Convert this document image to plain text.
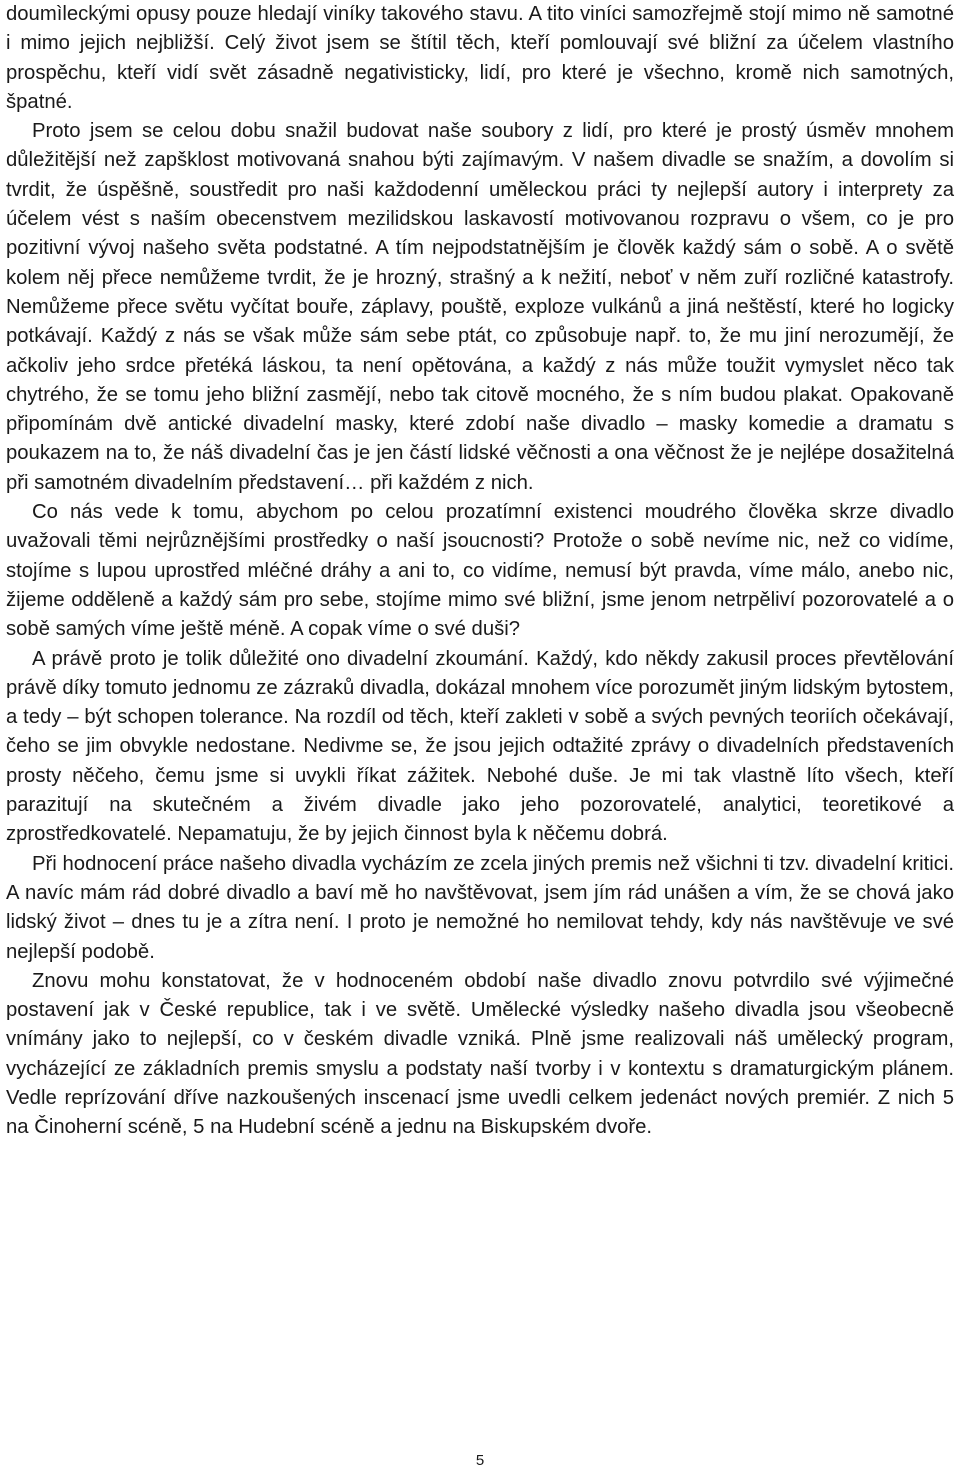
doumìleckými opusy pouze hledají viníky takového stavu. A tito viníci samozřejmě stojí mimo ně samotné i mimo jejich nejbližší. Celý život jsem se štítil těch, kteří pomlouvají své bližní za účelem vlastního prospěchu, kteří vidí svět zásadně negativisticky, lidí, pro které je všechno, kromě nich samotných, špatné.

Proto jsem se celou dobu snažil budovat naše soubory z lidí, pro které je prostý úsměv mnohem důležitější než zapšklost motivovaná snahou býti zajímavým. V našem divadle se snažím, a dovolím si tvrdit, že úspěšně, soustředit pro naši každodenní uměleckou práci ty nejlepší autory i interprety za účelem vést s naším obecenstvem mezilidskou laskavostí motivovanou rozpravu o všem, co je pro pozitivní vývoj našeho světa podstatné. A tím nejpodstatnějším je člověk každý sám o sobě. A o světě kolem něj přece nemůžeme tvrdit, že je hrozný, strašný a k nežití, neboť v něm zuří rozličné katastrofy. Nemůžeme přece světu vyčítat bouře, záplavy, pouště, exploze vulkánů a jiná neštěstí, které ho logicky potkávají. Každý z nás se však může sám sebe ptát, co způsobuje např. to, že mu jiní nerozumějí, že ačkoliv jeho srdce přetéká láskou, ta není opětována, a každý z nás může toužit vymyslet něco tak chytrého, že se tomu jeho bližní zasmějí, nebo tak citově mocného, že s ním budou plakat. Opakovaně připomínám dvě antické divadelní masky, které zdobí naše divadlo – masky komedie a dramatu s poukazem na to, že náš divadelní čas je jen částí lidské věčnosti a ona věčnost že je nejlépe dosažitelná při samotném divadelním představení… při každém z nich.

Co nás vede k tomu, abychom po celou prozatímní existenci moudrého člověka skrze divadlo uvažovali těmi nejrůznějšími prostředky o naší jsoucnosti? Protože o sobě nevíme nic, než co vidíme, stojíme s lupou uprostřed mléčné dráhy a ani to, co vidíme, nemusí být pravda, víme málo, anebo nic, žijeme odděleně a každý sám pro sebe, stojíme mimo své bližní, jsme jenom netrpěliví pozorovatelé a o sobě samých víme ještě méně. A copak víme o své duši?

A právě proto je tolik důležité ono divadelní zkoumání. Každý, kdo někdy zakusil proces převtělování právě díky tomuto jednomu ze zázraků divadla, dokázal mnohem více porozumět jiným lidským bytostem, a tedy – být schopen tolerance. Na rozdíl od těch, kteří zakleti v sobě a svých pevných teoriích očekávají, čeho se jim obvykle nedostane. Nedivme se, že jsou jejich odtažité zprávy o divadelních představeních prosty něčeho, čemu jsme si uvykli říkat zážitek. Nebohé duše. Je mi tak vlastně líto všech, kteří parazitují na skutečném a živém divadle jako jeho pozorovatelé, analytici, teoretikové a zprostředkovatelé. Nepamatuju, že by jejich činnost byla k něčemu dobrá.

Při hodnocení práce našeho divadla vycházím ze zcela jiných premis než všichni ti tzv. divadelní kritici. A navíc mám rád dobré divadlo a baví mě ho navštěvovat, jsem jím rád unášen a vím, že se chová jako lidský život – dnes tu je a zítra není. I proto je nemožné ho nemilovat tehdy, kdy nás navštěvuje ve své nejlepší podobě.

Znovu mohu konstatovat, že v hodnoceném období naše divadlo znovu potvrdilo své výjimečné postavení jak v České republice, tak i ve světě. Umělecké výsledky našeho divadla jsou všeobecně vnímány jako to nejlepší, co v českém divadle vzniká. Plně jsme realizovali náš umělecký program, vycházející ze základních premis smyslu a podstaty naší tvorby i v kontextu s dramaturgickým plánem. Vedle reprízování dříve nazkoušených inscenací jsme uvedli celkem jedenáct nových premiér. Z nich 5 na Činoherní scéně, 5 na Hudební scéně a jednu na Biskupském dvoře.

5
